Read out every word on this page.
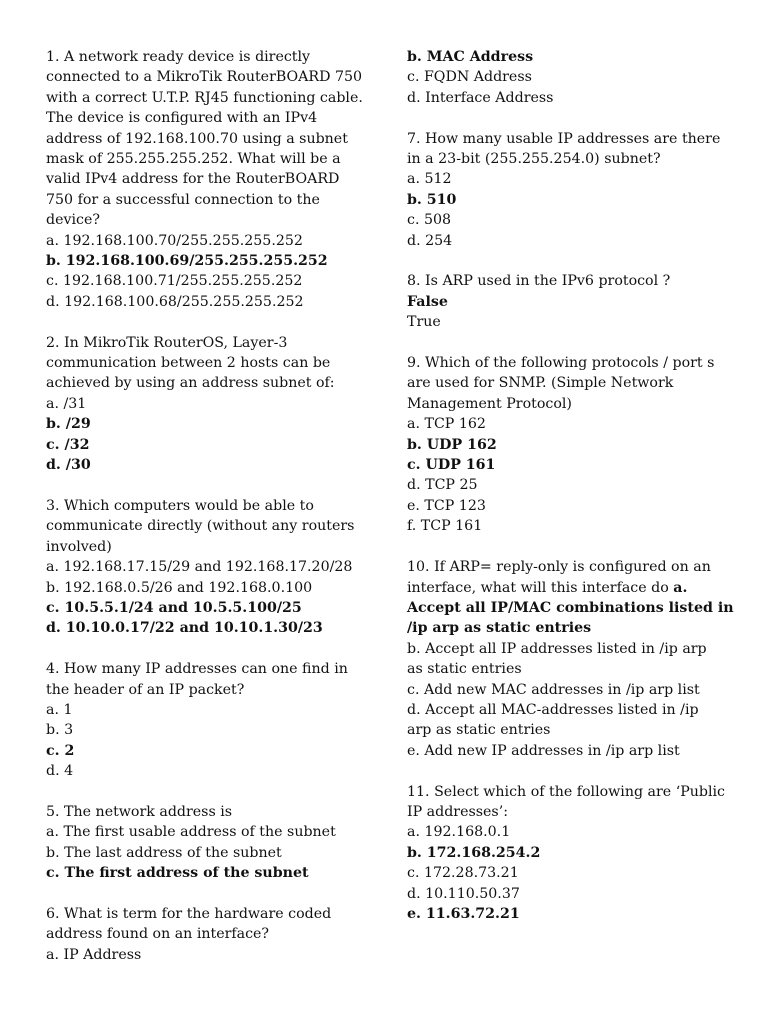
1. A network ready device is directly
connected to a MikroTik RouterBOARD 750
with a correct U.T.P. RJ45 functioning cable.
The device is configured with an IPv4
address of 192.168.100.70 using a subnet
mask of 255.255.255.252. What will be a
valid IPv4 address for the RouterBOARD
750 for a successful connection to the
device?
a. 192.168.100.70/255.255.255.252
b. 192.168.100.69/255.255.255.252
c. 192.168.100.71/255.255.255.252
d. 192.168.100.68/255.255.255.252
2. In MikroTik RouterOS, Layer-3
communication between 2 hosts can be
achieved by using an address subnet of:
a. /31
b. /29
c. /32
d. /30
3. Which computers would be able to
communicate directly (without any routers
involved)
a. 192.168.17.15/29 and 192.168.17.20/28
b. 192.168.0.5/26 and 192.168.0.100
c. 10.5.5.1/24 and 10.5.5.100/25
d. 10.10.0.17/22 and 10.10.1.30/23
4. How many IP addresses can one find in
the header of an IP packet?
a. 1
b. 3
c. 2
d. 4
5. The network address is
a. The first usable address of the subnet
b. The last address of the subnet
c. The first address of the subnet
6. What is term for the hardware coded
address found on an interface?
a. IP Address
b. MAC Address
c. FQDN Address
d. Interface Address
7. How many usable IP addresses are there
in a 23-bit (255.255.254.0) subnet?
a. 512
b. 510
c. 508
d. 254
8. Is ARP used in the IPv6 protocol ?
False
True
9. Which of the following protocols / port s
are used for SNMP. (Simple Network
Management Protocol)
a. TCP 162
b. UDP 162
c. UDP 161
d. TCP 25
e. TCP 123
f. TCP 161
10. If ARP= reply-only is configured on an
interface, what will this interface do a.
Accept all IP/MAC combinations listed in
/ip arp as static entries
b. Accept all IP addresses listed in /ip arp
as static entries
c. Add new MAC addresses in /ip arp list
d. Accept all MAC-addresses listed in /ip
arp as static entries
e. Add new IP addresses in /ip arp list
11. Select which of the following are ‘Public
IP addresses’:
a. 192.168.0.1
b. 172.168.254.2
c. 172.28.73.21
d. 10.110.50.37
e. 11.63.72.21
